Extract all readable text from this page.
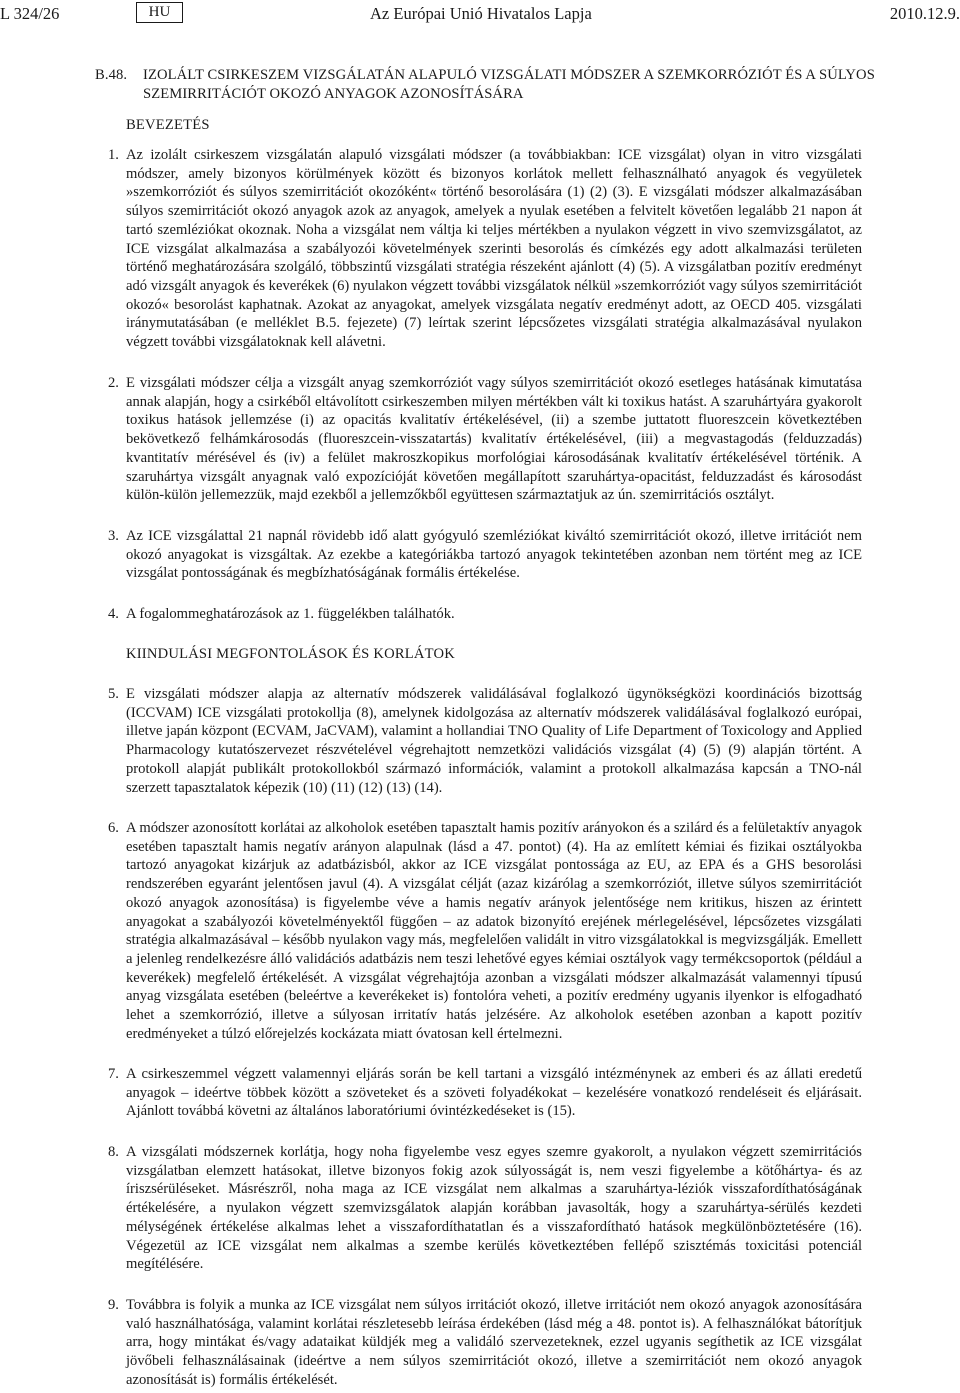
L 324/26	HU	Az Európai Unió Hivatalos Lapja	2010.12.9.
B.48. IZOLÁLT CSIRKESZEM VIZSGÁLATÁN ALAPULÓ VIZSGÁLATI MÓDSZER A SZEMKORRÓZIÓT ÉS A SÚLYOS SZEMIRRITÁCIÓT OKOZÓ ANYAGOK AZONOSÍTÁSÁRA
BEVEZETÉS
1. Az izolált csirkeszem vizsgálatán alapuló vizsgálati módszer (a továbbiakban: ICE vizsgálat) olyan in vitro vizsgálati módszer, amely bizonyos körülmények között és bizonyos korlátok mellett felhasználható anyagok és vegyületek »szemkorróziót és súlyos szemirritációt okozóként« történő besorolására (1) (2) (3). E vizsgálati módszer alkalmazásában súlyos szemirritációt okozó anyagok azok az anyagok, amelyek a nyulak esetében a felvitelt követően legalább 21 napon át tartó szemléziókat okoznak. Noha a vizsgálat nem váltja ki teljes mértékben a nyulakon végzett in vivo szemvizsgálatot, az ICE vizsgálat alkalmazása a szabályozói követelmények szerinti besorolás és címkézés egy adott alkalmazási területen történő meghatározására szolgáló, többszintű vizsgálati stratégia részeként ajánlott (4) (5). A vizsgálatban pozitív eredményt adó vizsgált anyagok és keverékek (6) nyulakon végzett további vizsgálatok nélkül »szemkorróziót vagy súlyos szemirritációt okozó« besorolást kaphatnak. Azokat az anyagokat, amelyek vizsgálata negatív eredményt adott, az OECD 405. vizsgálati iránymutatásában (e melléklet B.5. fejezete) (7) leírtak szerint lépcsőzetes vizsgálati stratégia alkalmazásával nyulakon végzett további vizsgálatoknak kell alávetni.
2. E vizsgálati módszer célja a vizsgált anyag szemkorróziót vagy súlyos szemirritációt okozó esetleges hatásának kimutatása annak alapján, hogy a csirkéből eltávolított csirkeszemben milyen mértékben vált ki toxikus hatást. A szaruhártyára gyakorolt toxikus hatások jellemzése (i) az opacitás kvalitatív értékelésével, (ii) a szembe juttatott fluoreszcein következtében bekövetkező felhámkárosodás (fluoreszcein-visszatartás) kvalitatív értékelésével, (iii) a megvastagodás (felduzzadás) kvantitatív mérésével és (iv) a felület makroszkopikus morfológiai károsodásának kvalitatív értékelésével történik. A szaruhártya vizsgált anyagnak való expozícióját követően megállapított szaruhártya-opacitást, felduzzadást és károsodást külön-külön jellemezzük, majd ezekből a jellemzőkből együttesen származtatjuk az ún. szemirritációs osztályt.
3. Az ICE vizsgálattal 21 napnál rövidebb idő alatt gyógyuló szemléziókat kiváltó szemirritációt okozó, illetve irritációt nem okozó anyagokat is vizsgáltak. Az ezekbe a kategóriákba tartozó anyagok tekintetében azonban nem történt meg az ICE vizsgálat pontosságának és megbízhatóságának formális értékelése.
4. A fogalommeghatározások az 1. függelékben találhatók.
KIINDULÁSI MEGFONTOLÁSOK ÉS KORLÁTOK
5. E vizsgálati módszer alapja az alternatív módszerek validálásával foglalkozó ügynökségközi koordinációs bizottság (ICCVAM) ICE vizsgálati protokollja (8), amelynek kidolgozása az alternatív módszerek validálásával foglalkozó európai, illetve japán központ (ECVAM, JaCVAM), valamint a hollandiai TNO Quality of Life Department of Toxicology and Applied Pharmacology kutatószervezet részvételével végrehajtott nemzetközi validációs vizsgálat (4) (5) (9) alapján történt. A protokoll alapját publikált protokollokból származó információk, valamint a protokoll alkalmazása kapcsán a TNO-nál szerzett tapasztalatok képezik (10) (11) (12) (13) (14).
6. A módszer azonosított korlátai az alkoholok esetében tapasztalt hamis pozitív arányokon és a szilárd és a felületaktív anyagok esetében tapasztalt hamis negatív arányon alapulnak (lásd a 47. pontot) (4). Ha az említett kémiai és fizikai osztályokba tartozó anyagokat kizárjuk az adatbázisból, akkor az ICE vizsgálat pontossága az EU, az EPA és a GHS besorolási rendszerében egyaránt jelentősen javul (4). A vizsgálat célját (azaz kizárólag a szemkorróziót, illetve súlyos szemirritációt okozó anyagok azonosítása) is figyelembe véve a hamis negatív arányok jelentősége nem kritikus, hiszen az érintett anyagokat a szabályozói követelményektől függően – az adatok bizonyító erejének mérlegelésével, lépcsőzetes vizsgálati stratégia alkalmazásával – később nyulakon vagy más, megfelelően validált in vitro vizsgálatokkal is megvizsgálják. Emellett a jelenleg rendelkezésre álló validációs adatbázis nem teszi lehetővé egyes kémiai osztályok vagy termékcsoportok (például a keverékek) megfelelő értékelését. A vizsgálat végrehajtója azonban a vizsgálati módszer alkalmazását valamennyi típusú anyag vizsgálata esetében (beleértve a keverékeket is) fontolóra veheti, a pozitív eredmény ugyanis ilyenkor is elfogadható lehet a szemkorrózió, illetve a súlyosan irritatív hatás jelzésére. Az alkoholok esetében azonban a kapott pozitív eredményeket a túlzó előrejelzés kockázata miatt óvatosan kell értelmezni.
7. A csirkeszemmel végzett valamennyi eljárás során be kell tartani a vizsgáló intézménynek az emberi és az állati eredetű anyagok – ideértve többek között a szöveteket és a szöveti folyadékokat – kezelésére vonatkozó rendeléseit és eljárásait. Ajánlott továbbá követni az általános laboratóriumi óvintézkedéseket is (15).
8. A vizsgálati módszernek korlátja, hogy noha figyelembe vesz egyes szemre gyakorolt, a nyulakon végzett szemirritációs vizsgálatban elemzett hatásokat, illetve bizonyos fokig azok súlyosságát is, nem veszi figyelembe a kötőhártya- és az íriszsérüléseket. Másrészről, noha maga az ICE vizsgálat nem alkalmas a szaruhártya-léziók visszafordíthatóságának értékelésére, a nyulakon végzett szemvizsgálatok alapján korábban javasolták, hogy a szaruhártya-sérülés kezdeti mélységének értékelése alkalmas lehet a visszafordíthatatlan és a visszafordítható hatások megkülönböztetésére (16). Végezetül az ICE vizsgálat nem alkalmas a szembe kerülés következtében fellépő szisztémás toxicitási potenciál megítélésére.
9. Továbbra is folyik a munka az ICE vizsgálat nem súlyos irritációt okozó, illetve irritációt nem okozó anyagok azonosítására való használhatósága, valamint korlátai részletesebb leírása érdekében (lásd még a 48. pontot is). A felhasználókat bátorítjuk arra, hogy mintákat és/vagy adataikat küldjék meg a validáló szervezeteknek, ezzel ugyanis segíthetik az ICE vizsgálat jövőbeli felhasználásainak (ideértve a nem súlyos szemirritációt okozó, illetve a szemirritációt nem okozó anyagok azonosítását is) formális értékelését.
